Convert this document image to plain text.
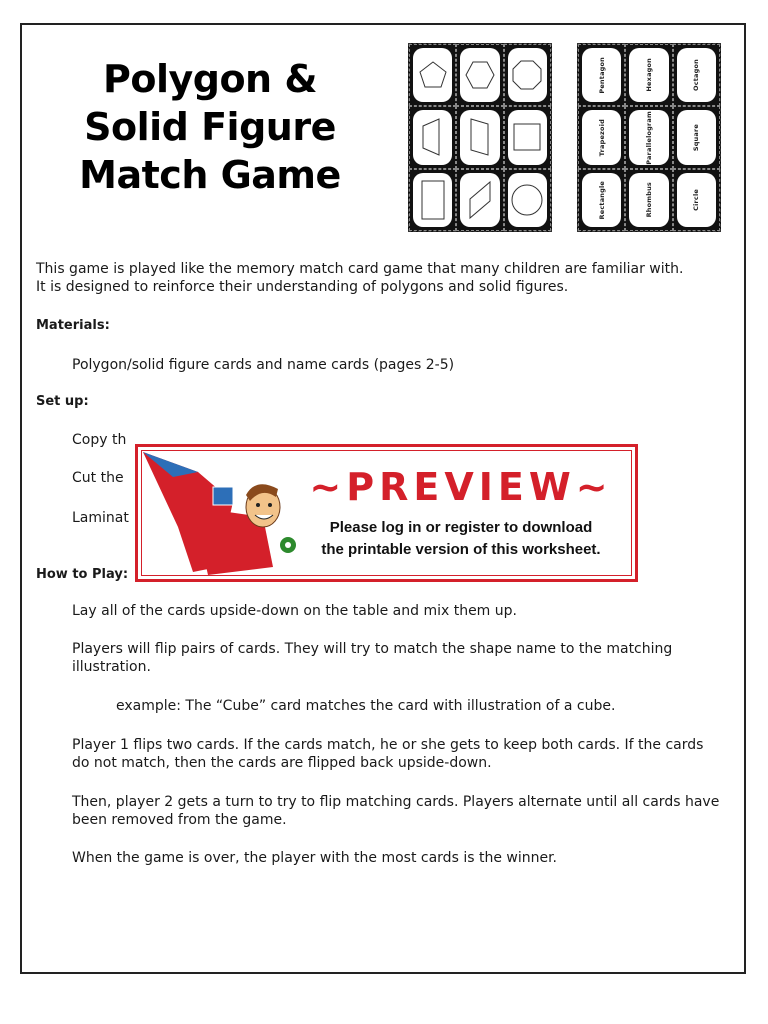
Polygon &
Solid Figure
Match Game
Pentagon	Hexagon	Octagon
Trapezoid	Parallelogram	Square
Rectangle	Rhombus	Circle
This game is played like the memory match card game that many children are familiar with.
It is designed to reinforce their understanding of polygons and solid figures.
Materials:
Polygon/solid figure cards and name cards (pages 2-5)
Set up:
Copy th
Cut the
Laminat
How to Play:
Lay all of the cards upside-down on the table and mix them up.
Players will flip pairs of cards. They will try to match the shape name to the matching
illustration.
example: The “Cube” card matches the card with illustration of a cube.
Player 1 flips two cards. If the cards match, he or she gets to keep both cards. If the cards
do not match, then the cards are flipped back upside-down.
Then, player 2 gets a turn to try to flip matching cards. Players alternate until all cards have
been removed from the game.
When the game is over, the player with the most cards is the winner.
~PREVIEW~
Please log in or register to download
the printable version of this worksheet.
